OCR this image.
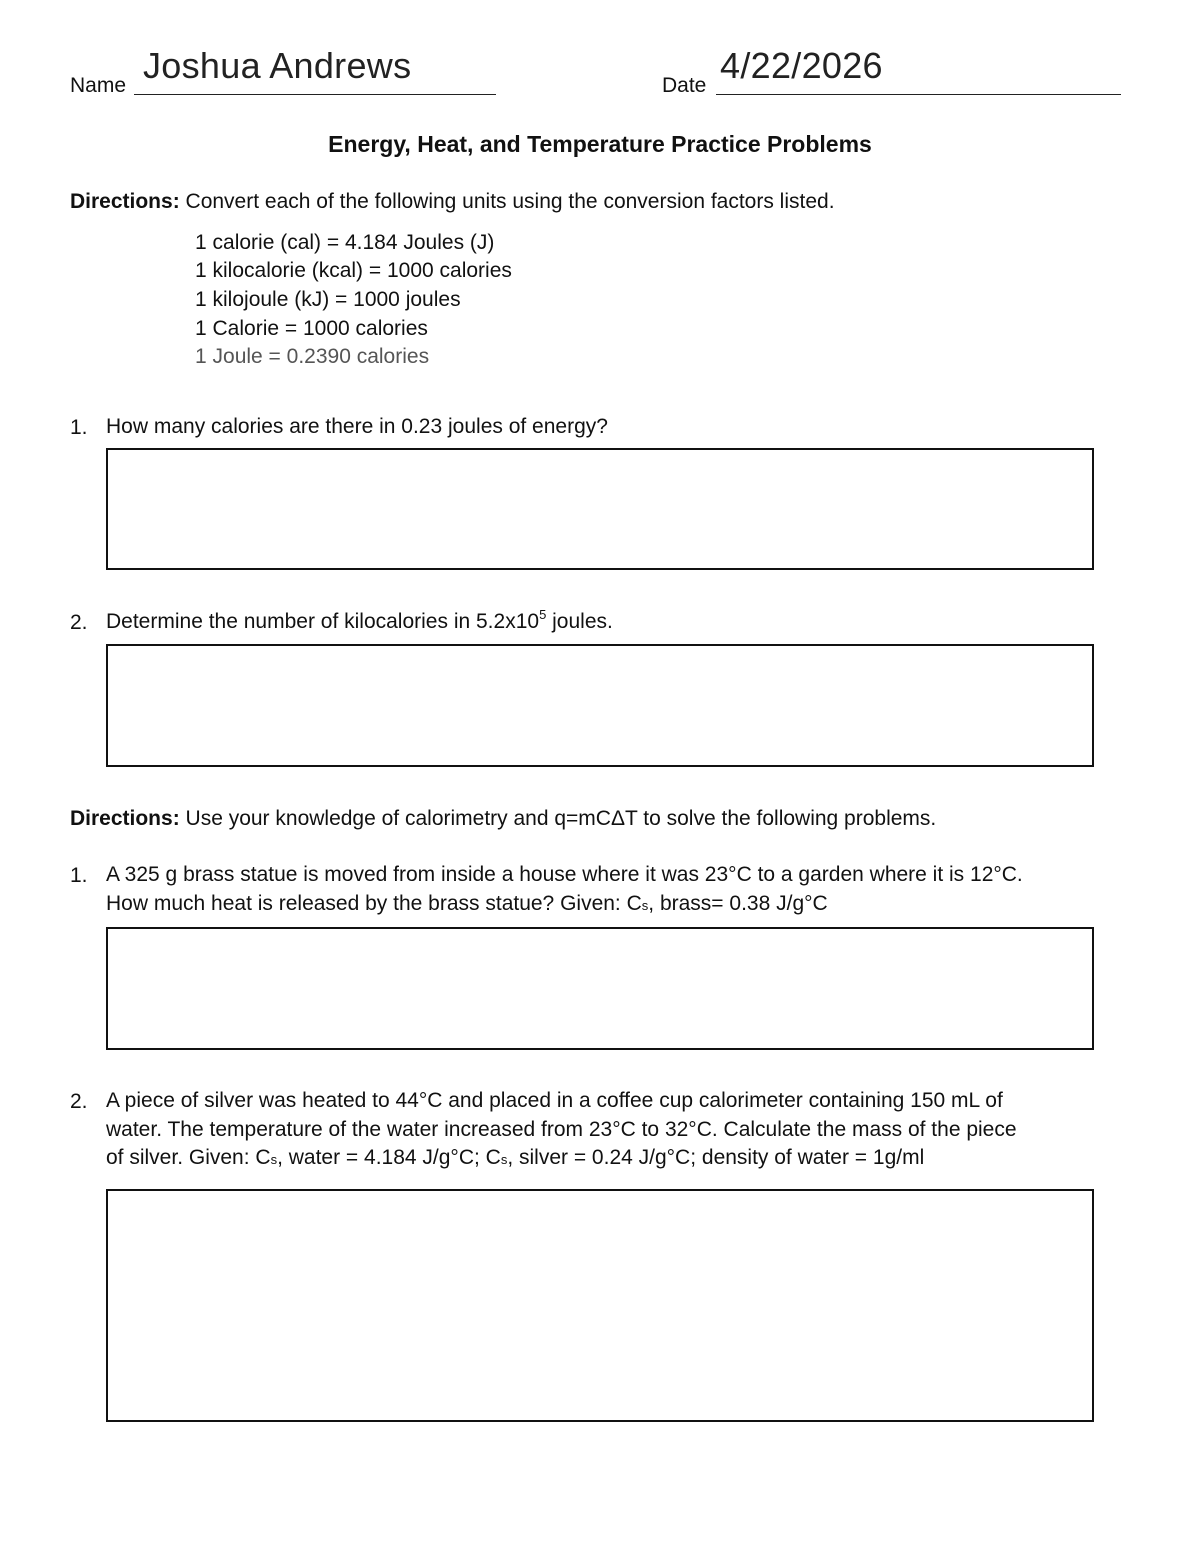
Name Joshua Andrews	Date 4/22/2026
Energy, Heat, and Temperature Practice Problems
Directions: Convert each of the following units using the conversion factors listed.
1 calorie (cal) = 4.184 Joules (J)
1 kilocalorie (kcal) = 1000 calories
1 kilojoule (kJ) = 1000 joules
1 Calorie = 1000 calories
1 Joule = 0.2390 calories
1. How many calories are there in 0.23 joules of energy?
2. Determine the number of kilocalories in $5.2x10^5$ joules.
Directions: Use your knowledge of calorimetry and q=mCΔT to solve the following problems.
1. A 325 g brass statue is moved from inside a house where it was 23°C to a garden where it is 12°C.
How much heat is released by the brass statue? Given: Cs, brass= 0.38 J/g°C
2. A piece of silver was heated to 44°C and placed in a coffee cup calorimeter containing 150 mL of
water. The temperature of the water increased from 23°C to 32°C. Calculate the mass of the piece
of silver. Given: Cs, water = 4.184 J/g°C; Cs, silver = 0.24 J/g°C; density of water = 1g/ml
